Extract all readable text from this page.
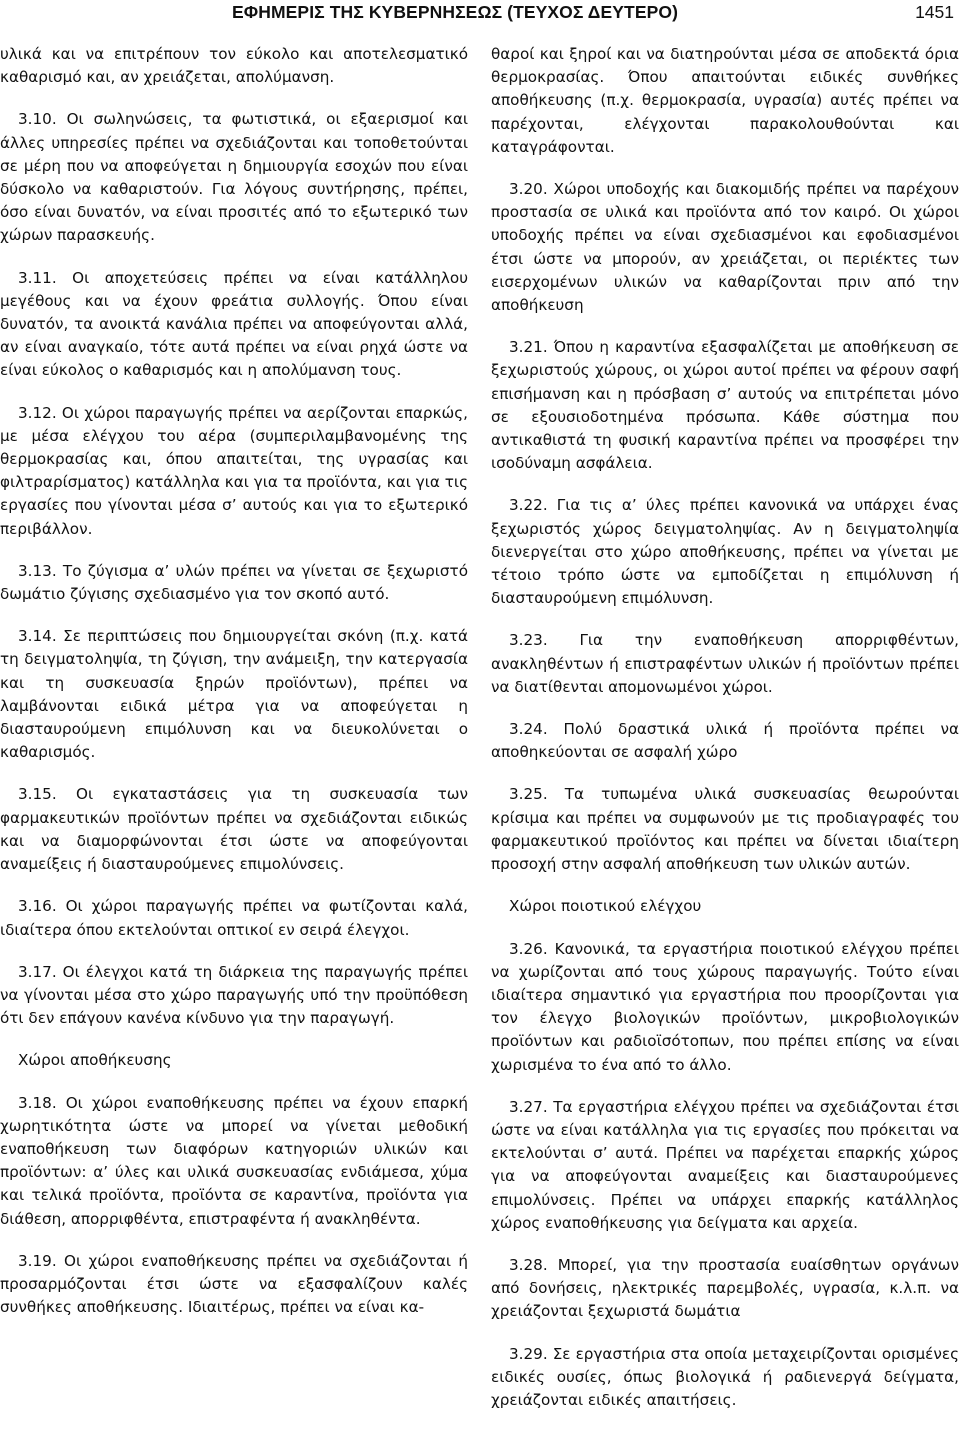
ΕΦΗΜΕΡΙΣ ΤΗΣ ΚΥΒΕΡΝΗΣΕΩΣ (ΤΕΥΧΟΣ ΔΕΥΤΕΡΟ)	1451

υλικά και να επιτρέπουν τον εύκολο και αποτελεσματικό καθαρισμό και, αν χρειάζεται, απολύμανση.

3.10. Οι σωληνώσεις, τα φωτιστικά, οι εξαερισμοί και άλλες υπηρεσίες πρέπει να σχεδιάζονται και τοποθετούνται σε μέρη που να αποφεύγεται η δημιουργία εσοχών που είναι δύσκολο να καθαριστούν. Για λόγους συντήρησης, πρέπει, όσο είναι δυνατόν, να είναι προσιτές από το εξωτερικό των χώρων παρασκευής.

3.11. Οι αποχετεύσεις πρέπει να είναι κατάλληλου μεγέθους και να έχουν φρεάτια συλλογής. Όπου είναι δυνατόν, τα ανοικτά κανάλια πρέπει να αποφεύγονται αλλά, αν είναι αναγκαίο, τότε αυτά πρέπει να είναι ρηχά ώστε να είναι εύκολος ο καθαρισμός και η απολύμανση τους.

3.12. Οι χώροι παραγωγής πρέπει να αερίζονται επαρκώς, με μέσα ελέγχου του αέρα (συμπεριλαμβανομένης της θερμοκρασίας και, όπου απαιτείται, της υγρασίας και φιλτραρίσματος) κατάλληλα και για τα προϊόντα, και για τις εργασίες που γίνονται μέσα σ’ αυτούς και για το εξωτερικό περιβάλλον.

3.13. Το ζύγισμα α’ υλών πρέπει να γίνεται σε ξεχωριστό δωμάτιο ζύγισης σχεδιασμένο για τον σκοπό αυτό.

3.14. Σε περιπτώσεις που δημιουργείται σκόνη (π.χ. κατά τη δειγματοληψία, τη ζύγιση, την ανάμειξη, την κατεργασία και τη συσκευασία ξηρών προϊόντων), πρέπει να λαμβάνονται ειδικά μέτρα για να αποφεύγεται η διασταυρούμενη επιμόλυνση και να διευκολύνεται ο καθαρισμός.

3.15. Οι εγκαταστάσεις για τη συσκευασία των φαρμακευτικών προϊόντων πρέπει να σχεδιάζονται ειδικώς και να διαμορφώνονται έτσι ώστε να αποφεύγονται αναμείξεις ή διασταυρούμενες επιμολύνσεις.

3.16. Οι χώροι παραγωγής πρέπει να φωτίζονται καλά, ιδιαίτερα όπου εκτελούνται οπτικοί εν σειρά έλεγχοι.

3.17. Οι έλεγχοι κατά τη διάρκεια της παραγωγής πρέπει να γίνονται μέσα στο χώρο παραγωγής υπό την προϋπόθεση ότι δεν επάγουν κανένα κίνδυνο για την παραγωγή.

Χώροι αποθήκευσης

3.18. Οι χώροι εναποθήκευσης πρέπει να έχουν επαρκή χωρητικότητα ώστε να μπορεί να γίνεται μεθοδική εναποθήκευση των διαφόρων κατηγοριών υλικών και προϊόντων: α’ ύλες και υλικά συσκευασίας ενδιάμεσα, χύμα και τελικά προϊόντα, προϊόντα σε καραντίνα, προϊόντα για διάθεση, απορριφθέντα, επιστραφέντα ή ανακληθέντα.

3.19. Οι χώροι εναποθήκευσης πρέπει να σχεδιάζονται ή προσαρμόζονται έτσι ώστε να εξασφαλίζουν καλές συνθήκες αποθήκευσης. Ιδιαιτέρως, πρέπει να είναι κα-

θαροί και ξηροί και να διατηρούνται μέσα σε αποδεκτά όρια θερμοκρασίας. Όπου απαιτούνται ειδικές συνθήκες αποθήκευσης (π.χ. θερμοκρασία, υγρασία) αυτές πρέπει να παρέχονται, ελέγχονται παρακολουθούνται και καταγράφονται.

3.20. Χώροι υποδοχής και διακομιδής πρέπει να παρέχουν προστασία σε υλικά και προϊόντα από τον καιρό. Οι χώροι υποδοχής πρέπει να είναι σχεδιασμένοι και εφοδιασμένοι έτσι ώστε να μπορούν, αν χρειάζεται, οι περιέκτες των εισερχομένων υλικών να καθαρίζονται πριν από την αποθήκευση

3.21. Όπου η καραντίνα εξασφαλίζεται με αποθήκευση σε ξεχωριστούς χώρους, οι χώροι αυτοί πρέπει να φέρουν σαφή επισήμανση και η πρόσβαση σ’ αυτούς να επιτρέπεται μόνο σε εξουσιοδοτημένα πρόσωπα. Κάθε σύστημα που αντικαθιστά τη φυσική καραντίνα πρέπει να προσφέρει την ισοδύναμη ασφάλεια.

3.22. Για τις α’ ύλες πρέπει κανονικά να υπάρχει ένας ξεχωριστός χώρος δειγματοληψίας. Αν η δειγματοληψία διενεργείται στο χώρο αποθήκευσης, πρέπει να γίνεται με τέτοιο τρόπο ώστε να εμποδίζεται η επιμόλυνση ή διασταυρούμενη επιμόλυνση.

3.23. Για την εναποθήκευση απορριφθέντων, ανακληθέντων ή επιστραφέντων υλικών ή προϊόντων πρέπει να διατίθενται απομονωμένοι χώροι.

3.24. Πολύ δραστικά υλικά ή προϊόντα πρέπει να αποθηκεύονται σε ασφαλή χώρο

3.25. Τα τυπωμένα υλικά συσκευασίας θεωρούνται κρίσιμα και πρέπει να συμφωνούν με τις προδιαγραφές του φαρμακευτικού προϊόντος και πρέπει να δίνεται ιδιαίτερη προσοχή στην ασφαλή αποθήκευση των υλικών αυτών.

Χώροι ποιοτικού ελέγχου

3.26. Κανονικά, τα εργαστήρια ποιοτικού ελέγχου πρέπει να χωρίζονται από τους χώρους παραγωγής. Τούτο είναι ιδιαίτερα σημαντικό για εργαστήρια που προορίζονται για τον έλεγχο βιολογικών προϊόντων, μικροβιολογικών προϊόντων και ραδιοϊσότοπων, που πρέπει επίσης να είναι χωρισμένα το ένα από το άλλο.

3.27. Τα εργαστήρια ελέγχου πρέπει να σχεδιάζονται έτσι ώστε να είναι κατάλληλα για τις εργασίες που πρόκειται να εκτελούνται σ’ αυτά. Πρέπει να παρέχεται επαρκής χώρος για να αποφεύγονται αναμείξεις και διασταυρούμενες επιμολύνσεις. Πρέπει να υπάρχει επαρκής κατάλληλος χώρος εναποθήκευσης για δείγματα και αρχεία.

3.28. Μπορεί, για την προστασία ευαίσθητων οργάνων από δονήσεις, ηλεκτρικές παρεμβολές, υγρασία, κ.λ.π. να χρειάζονται ξεχωριστά δωμάτια

3.29. Σε εργαστήρια στα οποία μεταχειρίζονται ορισμένες ειδικές ουσίες, όπως βιολογικά ή ραδιενεργά δείγματα, χρειάζονται ειδικές απαιτήσεις.
